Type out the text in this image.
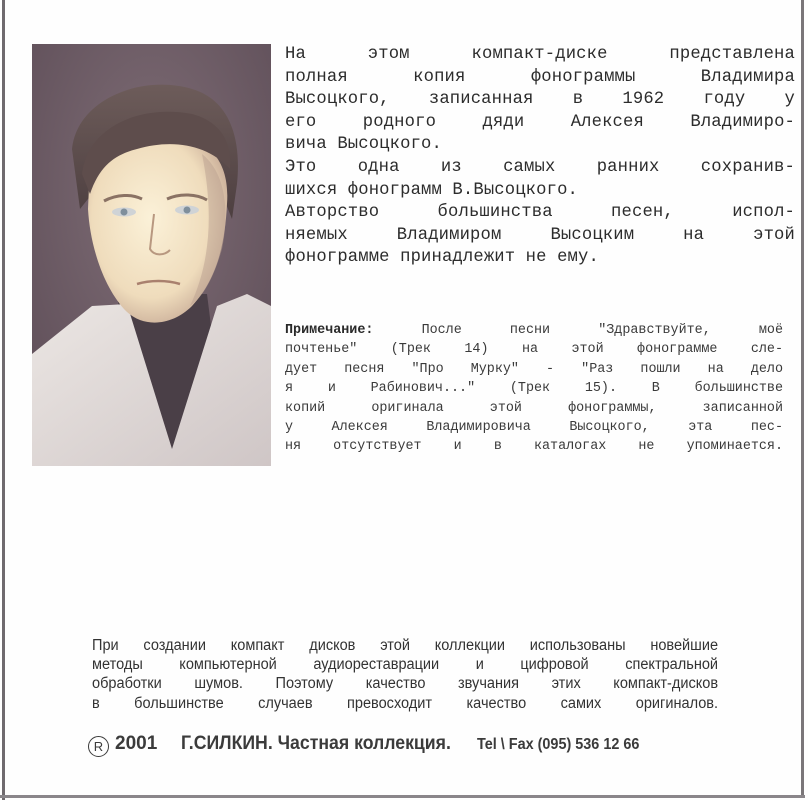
На этом компакт-диске представлена
полная копия фонограммы Владимира
Высоцкого, записанная в 1962 году у
его родного дяди Алексея Владимиро-
вича Высоцкого.
Это одна из самых ранних сохранив-
шихся фонограмм В.Высоцкого.
Авторство большинства песен, испол-
няемых Владимиром Высоцким на этой
фонограмме принадлежит не ему.
Примечание: После песни "Здравствуйте, моё
почтенье" (Трек 14) на этой фонограмме сле-
дует песня "Про Мурку" - "Раз пошли на дело
я и Рабинович..." (Трек 15). В большинстве
копий оригинала этой фонограммы, записанной
у Алексея Владимировича Высоцкого, эта пес-
ня отсутствует и в каталогах не упоминается.
При создании компакт дисков этой коллекции использованы новейшие
методы компьютерной аудиореставрации и цифровой спектральной
обработки шумов. Поэтому качество звучания этих компакт-дисков
в большинстве случаев превосходит качество самих оригиналов.
R 2001 Г.СИЛКИН. Частная коллекция. Tel \ Fax (095) 536 12 66
